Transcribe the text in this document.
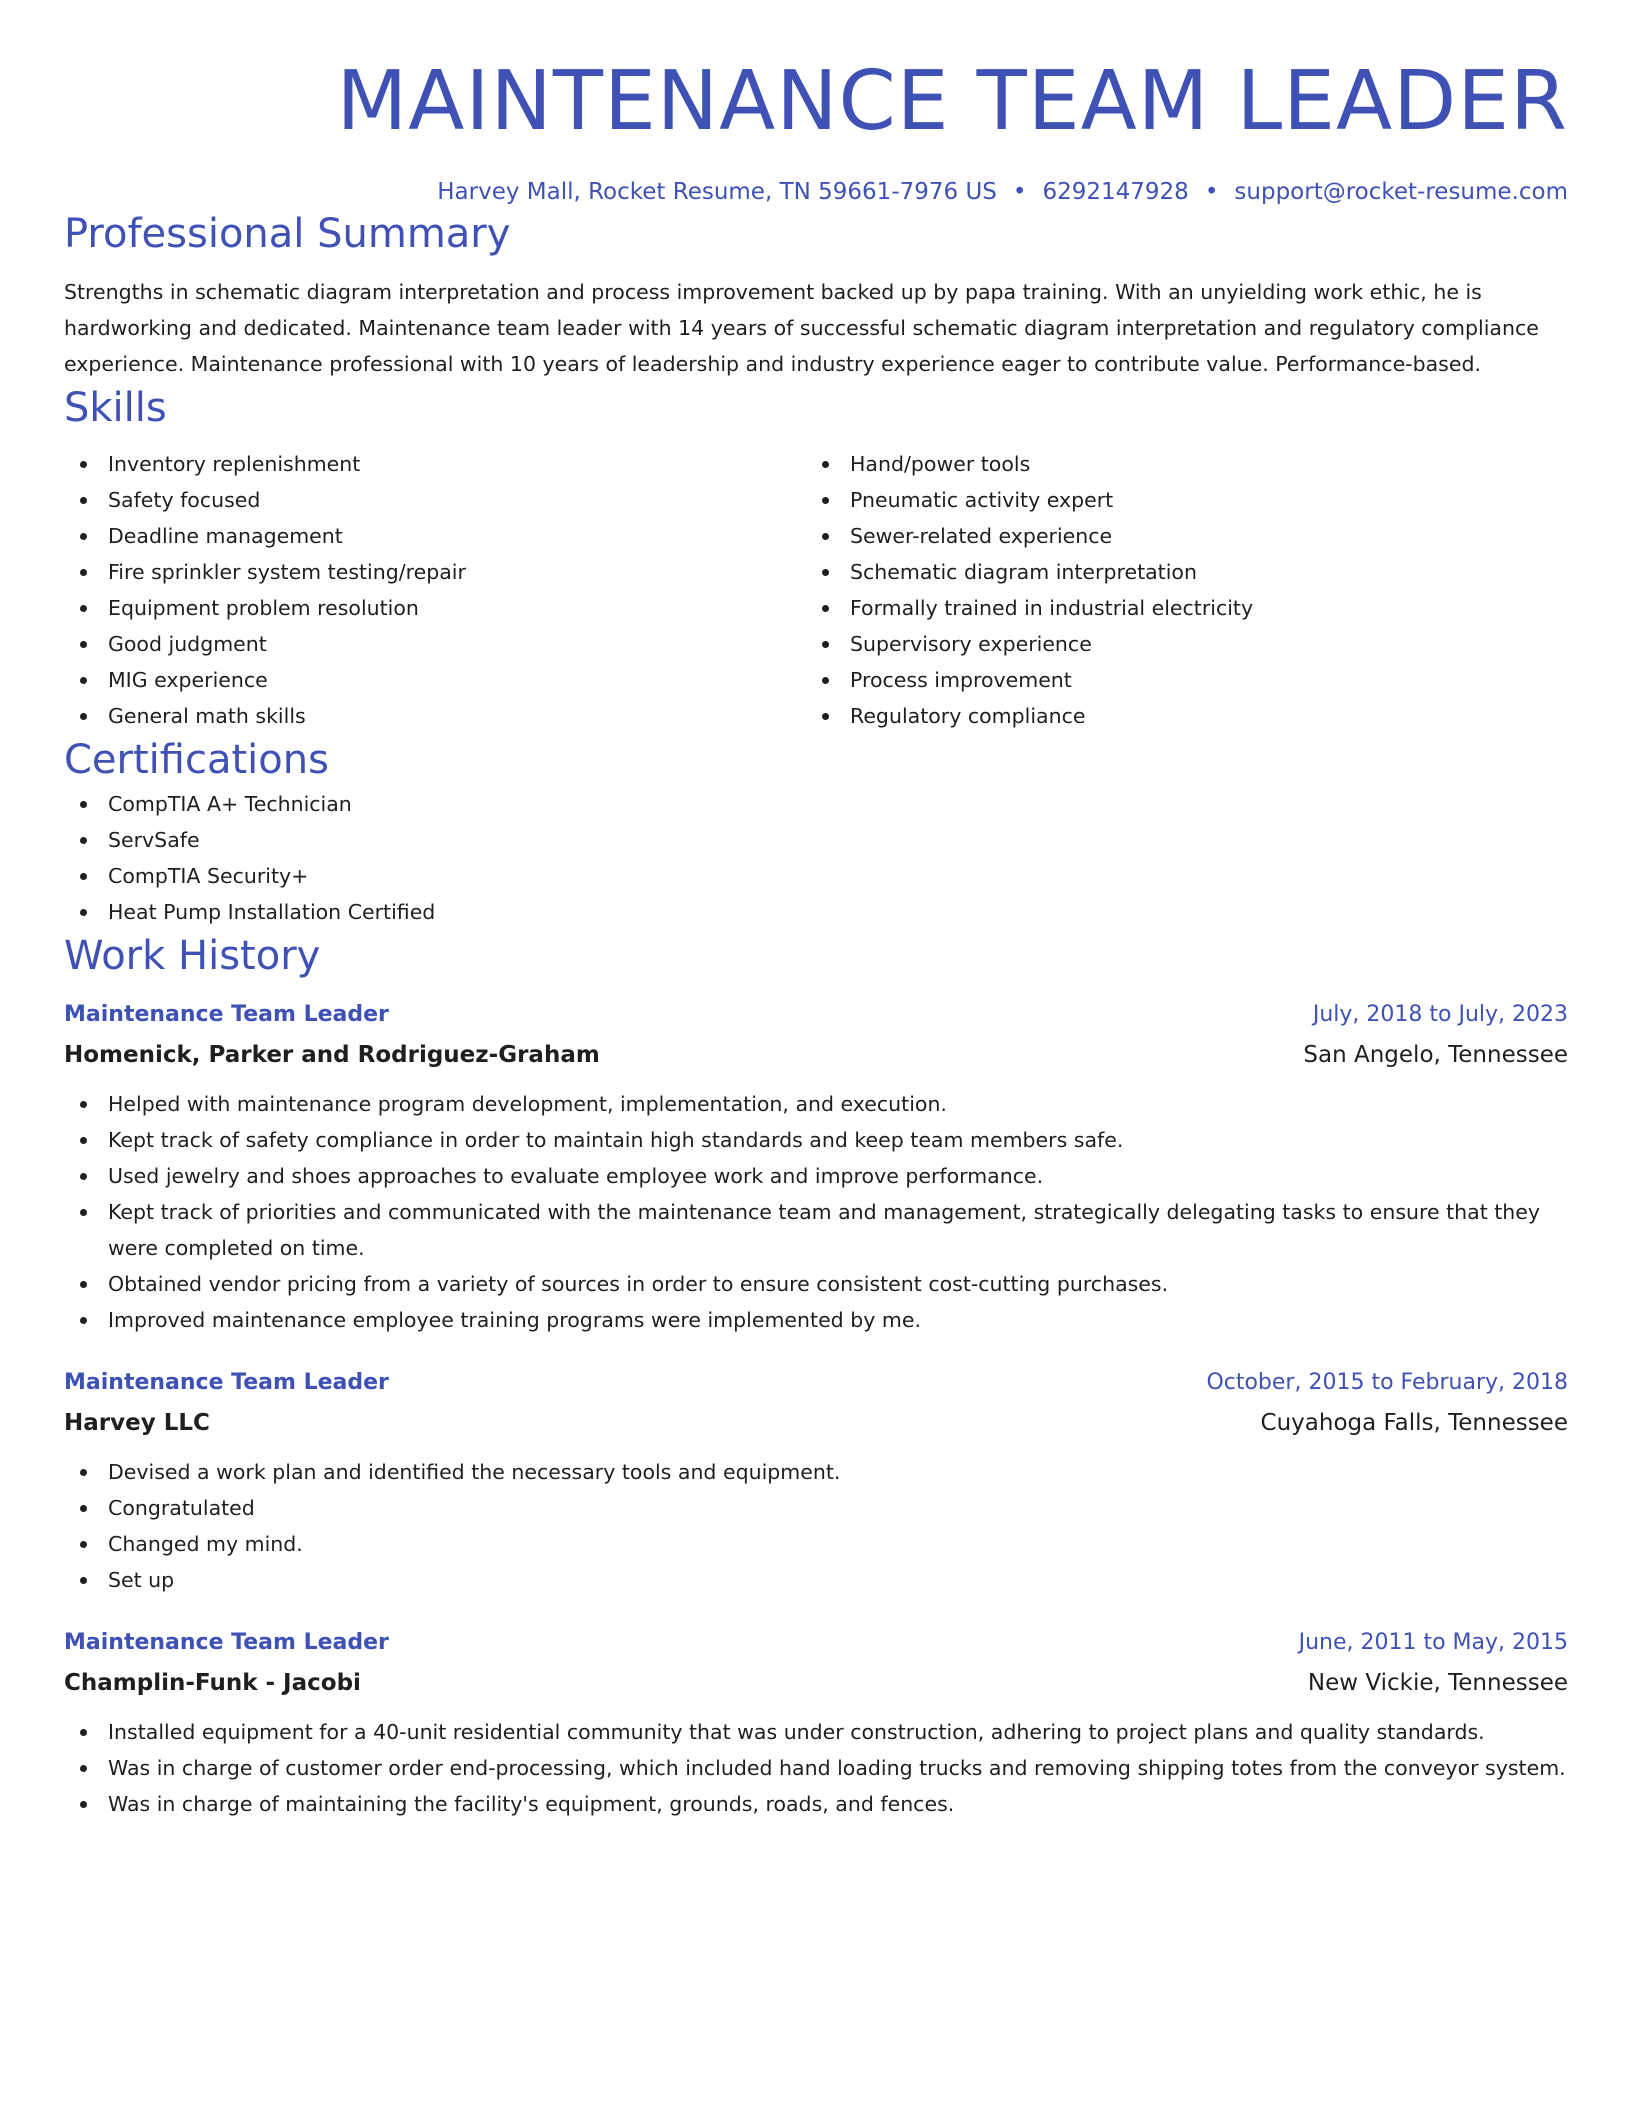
MAINTENANCE TEAM LEADER
Harvey Mall, Rocket Resume, TN 59661-7976 US • 6292147928 • support@rocket-resume.com
Professional Summary
Strengths in schematic diagram interpretation and process improvement backed up by papa training. With an unyielding work ethic, he is hardworking and dedicated. Maintenance team leader with 14 years of successful schematic diagram interpretation and regulatory compliance experience. Maintenance professional with 10 years of leadership and industry experience eager to contribute value. Performance-based.
Skills
Inventory replenishment
Safety focused
Deadline management
Fire sprinkler system testing/repair
Equipment problem resolution
Good judgment
MIG experience
General math skills
Hand/power tools
Pneumatic activity expert
Sewer-related experience
Schematic diagram interpretation
Formally trained in industrial electricity
Supervisory experience
Process improvement
Regulatory compliance
Certifications
CompTIA A+ Technician
ServSafe
CompTIA Security+
Heat Pump Installation Certified
Work History
Maintenance Team Leader	July, 2018 to July, 2023
Homenick, Parker and Rodriguez-Graham	San Angelo, Tennessee
Helped with maintenance program development, implementation, and execution.
Kept track of safety compliance in order to maintain high standards and keep team members safe.
Used jewelry and shoes approaches to evaluate employee work and improve performance.
Kept track of priorities and communicated with the maintenance team and management, strategically delegating tasks to ensure that they were completed on time.
Obtained vendor pricing from a variety of sources in order to ensure consistent cost-cutting purchases.
Improved maintenance employee training programs were implemented by me.
Maintenance Team Leader	October, 2015 to February, 2018
Harvey LLC	Cuyahoga Falls, Tennessee
Devised a work plan and identified the necessary tools and equipment.
Congratulated
Changed my mind.
Set up
Maintenance Team Leader	June, 2011 to May, 2015
Champlin-Funk - Jacobi	New Vickie, Tennessee
Installed equipment for a 40-unit residential community that was under construction, adhering to project plans and quality standards.
Was in charge of customer order end-processing, which included hand loading trucks and removing shipping totes from the conveyor system.
Was in charge of maintaining the facility's equipment, grounds, roads, and fences.
